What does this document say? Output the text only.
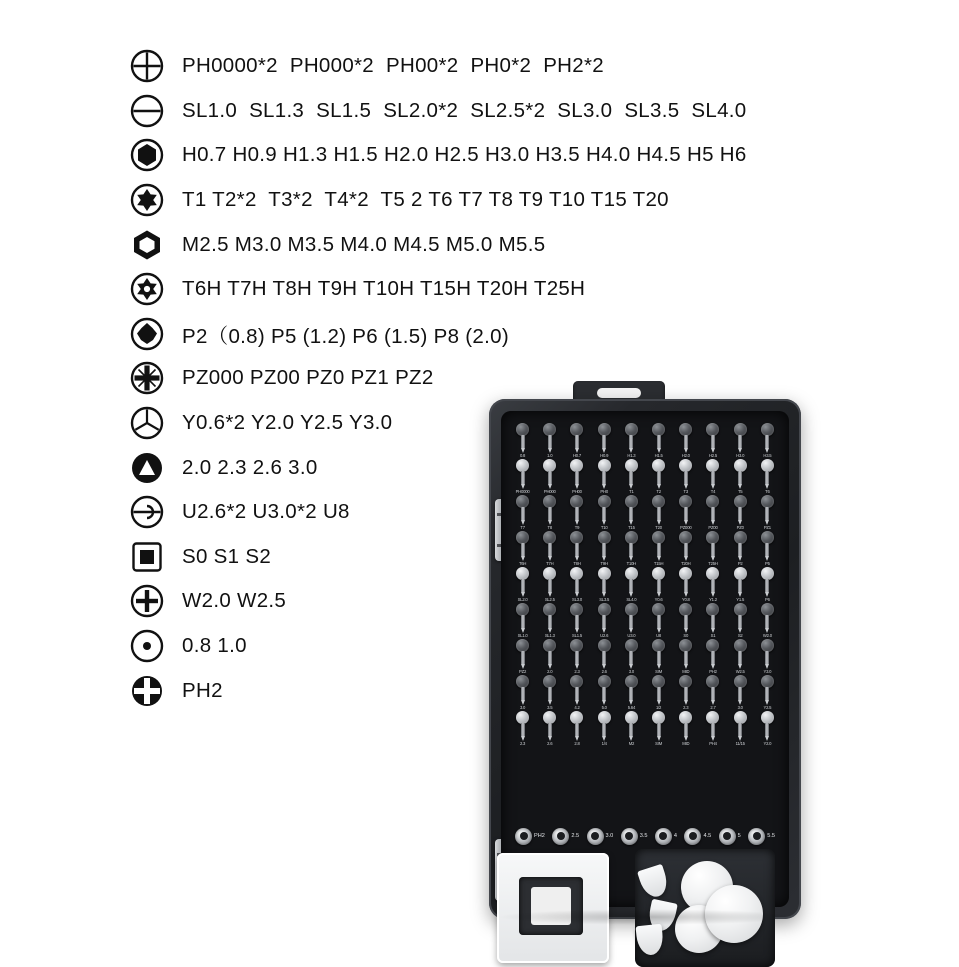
PH0000*2  PH000*2  PH00*2  PH0*2  PH2*2
SL1.0  SL1.3  SL1.5  SL2.0*2  SL2.5*2  SL3.0  SL3.5  SL4.0
H0.7 H0.9 H1.3 H1.5 H2.0 H2.5 H3.0 H3.5 H4.0 H4.5 H5 H6
T1 T2*2  T3*2  T4*2  T5 2 T6 T7 T8 T9 T10 T15 T20
M2.5 M3.0 M3.5 M4.0 M4.5 M5.0 M5.5
T6H T7H T8H T9H T10H T15H T20H T25H
P2（0.8) P5 (1.2) P6 (1.5) P8 (2.0)
PZ000 PZ00 PZ0 PZ1 PZ2
Y0.6*2 Y2.0 Y2.5 Y3.0
2.0 2.3 2.6 3.0
U2.6*2 U3.0*2 U8
S0 S1 S2
W2.0 W2.5
0.8 1.0
PH2
0.8	1.0	H0.7	H0.9	H1.3	H1.5	H2.0	H2.5	H3.0	H3.5
PH0000	PH000	PH00	PH0	T1	T2	T3	T4	T5	T6
T7	T8	T9	T10	T15	T20	PZ000	PZ00	PZ0	PZ1
T6H	T7H	T8H	T9H	T10H	T15H	T20H	T25H	P2	P5
SL2.0	SL2.5	SL3.0	SL3.5	SL4.0	Y0.6	Y0.8	Y1.2	Y1.5	P6
SL1.0	SL1.3	SL1.5	U2.6	U3.0	U8	S0	S1	S2	W2.0
PZ2	2.0	2.3	2.6	3.0	SIM	MID	PH2	W2.5	Y3.0
3.0	3.5	4.2	5.0	5.64	1/2	2.3	2.7	3.0	Y2.5
2.3	2.6	2.8	1/4	M2	SIM	MID	PH4	11/15	Y2.0
PH2	2.5	3.0	3.5	4	4.5	5	5.5
